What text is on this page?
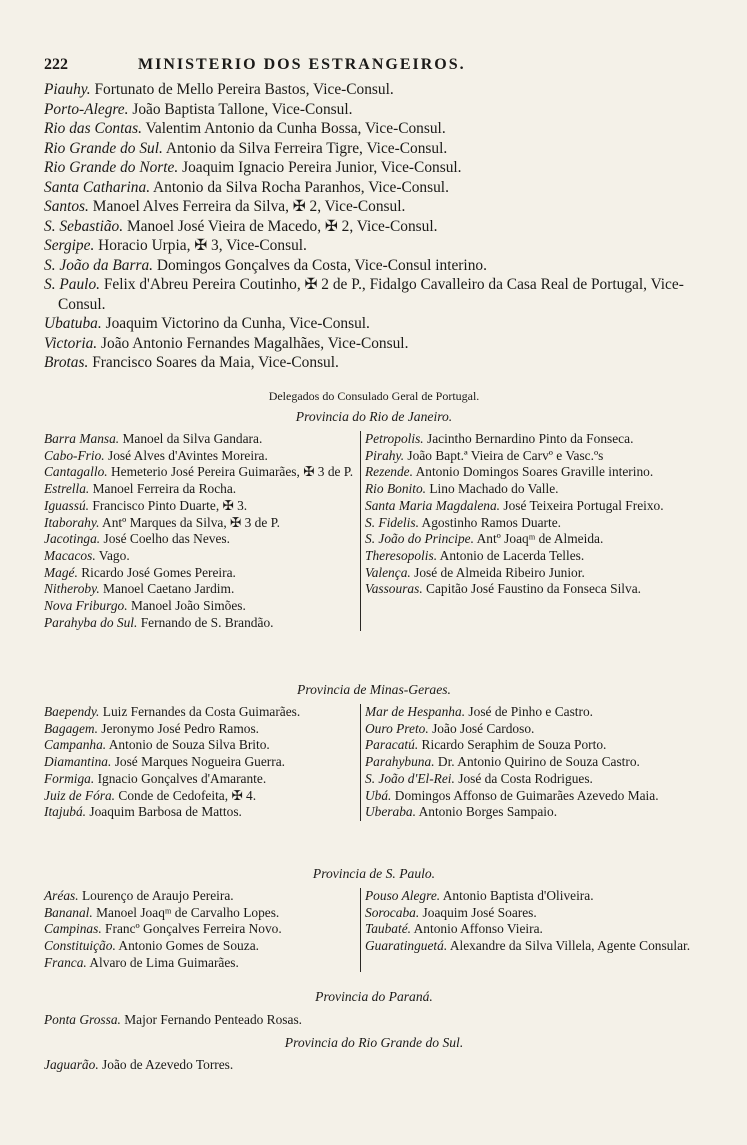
222	MINISTERIO DOS ESTRANGEIROS.

Piauhy. Fortunato de Mello Pereira Bastos, Vice-Consul.

Porto-Alegre. João Baptista Tallone, Vice-Consul.

Rio das Contas. Valentim Antonio da Cunha Bossa, Vice-Consul.

Rio Grande do Sul. Antonio da Silva Ferreira Tigre, Vice-Consul.

Rio Grande do Norte. Joaquim Ignacio Pereira Junior, Vice-Consul.

Santa Catharina. Antonio da Silva Rocha Paranhos, Vice-Consul.

Santos. Manoel Alves Ferreira da Silva, ✠ 2, Vice-Consul.

S. Sebastião. Manoel José Vieira de Macedo, ✠ 2, Vice-Consul.

Sergipe. Horacio Urpia, ✠ 3, Vice-Consul.

S. João da Barra. Domingos Gonçalves da Costa, Vice-Consul interino.

S. Paulo. Felix d'Abreu Pereira Coutinho, ✠ 2 de P., Fidalgo Cavalleiro da Casa Real de Portugal, Vice-Consul.

Ubatuba. Joaquim Victorino da Cunha, Vice-Consul.

Victoria. João Antonio Fernandes Magalhães, Vice-Consul.

Brotas. Francisco Soares da Maia, Vice-Consul.

Delegados do Consulado Geral de Portugal.
Provincia do Rio de Janeiro.

Barra Mansa. Manoel da Silva Gandara.

Cabo-Frio. José Alves d'Avintes Moreira.

Cantagallo. Hemeterio José Pereira Guimarães, ✠ 3 de P.

Estrella. Manoel Ferreira da Rocha.

Iguassú. Francisco Pinto Duarte, ✠ 3.

Itaborahy. Antº Marques da Silva, ✠ 3 de P.

Jacotinga. José Coelho das Neves.

Macacos. Vago.

Magé. Ricardo José Gomes Pereira.

Nitheroby. Manoel Caetano Jardim.

Nova Friburgo. Manoel João Simões.

Parahyba do Sul. Fernando de S. Brandão.

Petropolis. Jacintho Bernardino Pinto da Fonseca.

Pirahy. João Bapt.ª Vieira de Carvº e Vasc.ºs

Rezende. Antonio Domingos Soares Graville interino.

Rio Bonito. Lino Machado do Valle.

Santa Maria Magdalena. José Teixeira Portugal Freixo.

S. Fidelis. Agostinho Ramos Duarte.

S. João do Principe. Antº Joaqᵐ de Almeida.

Theresopolis. Antonio de Lacerda Telles.

Valença. José de Almeida Ribeiro Junior.

Vassouras. Capitão José Faustino da Fonseca Silva.

Provincia de Minas-Geraes.

Baependy. Luiz Fernandes da Costa Guimarães.

Bagagem. Jeronymo José Pedro Ramos.

Campanha. Antonio de Souza Silva Brito.

Diamantina. José Marques Nogueira Guerra.

Formiga. Ignacio Gonçalves d'Amarante.

Juiz de Fóra. Conde de Cedofeita, ✠ 4.

Itajubá. Joaquim Barbosa de Mattos.

Mar de Hespanha. José de Pinho e Castro.

Ouro Preto. João José Cardoso.

Paracatú. Ricardo Seraphim de Souza Porto.

Parahybuna. Dr. Antonio Quirino de Souza Castro.

S. João d'El-Rei. José da Costa Rodrigues.

Ubá. Domingos Affonso de Guimarães Azevedo Maia.

Uberaba. Antonio Borges Sampaio.

Provincia de S. Paulo.

Aréas. Lourenço de Araujo Pereira.

Bananal. Manoel Joaqᵐ de Carvalho Lopes.

Campinas. Francº Gonçalves Ferreira Novo.

Constituição. Antonio Gomes de Souza.

Franca. Alvaro de Lima Guimarães.

Pouso Alegre. Antonio Baptista d'Oliveira.

Sorocaba. Joaquim José Soares.

Taubaté. Antonio Affonso Vieira.

Guaratinguetá. Alexandre da Silva Villela, Agente Consular.

Provincia do Paraná.
Ponta Grossa. Major Fernando Penteado Rosas.
Provincia do Rio Grande do Sul.
Jaguarão. João de Azevedo Torres.
